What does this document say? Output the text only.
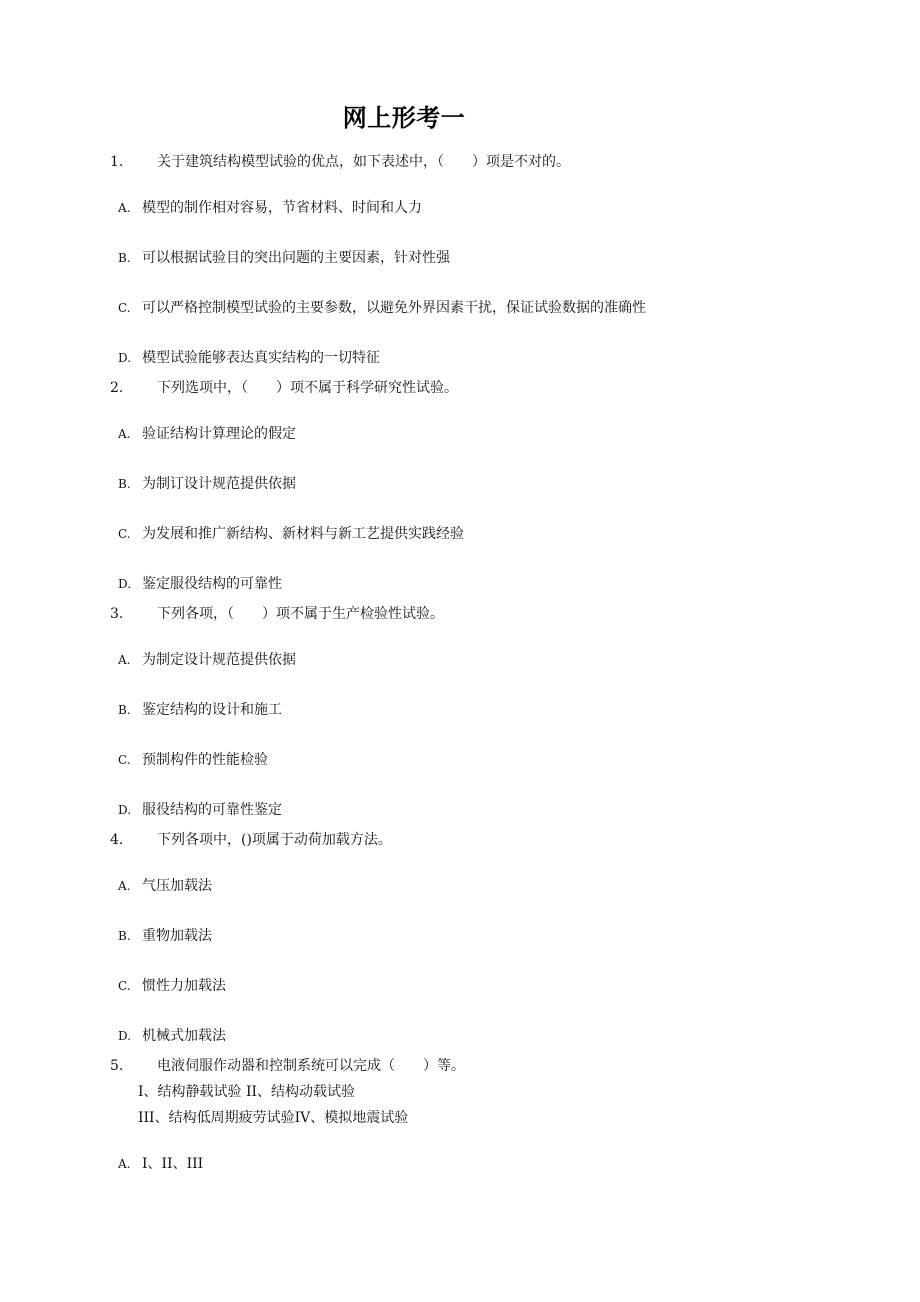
网上形考一
1. 关于建筑结构模型试验的优点，如下表述中，（　　）项是不对的。
A. 模型的制作相对容易，节省材料、时间和人力
B. 可以根据试验目的突出问题的主要因素，针对性强
C. 可以严格控制模型试验的主要参数，以避免外界因素干扰，保证试验数据的准确性
D. 模型试验能够表达真实结构的一切特征
2. 下列选项中，（　　）项不属于科学研究性试验。
A. 验证结构计算理论的假定
B. 为制订设计规范提供依据
C. 为发展和推广新结构、新材料与新工艺提供实践经验
D. 鉴定服役结构的可靠性
3. 下列各项，（　　）项不属于生产检验性试验。
A. 为制定设计规范提供依据
B. 鉴定结构的设计和施工
C. 预制构件的性能检验
D. 服役结构的可靠性鉴定
4. 下列各项中，()项属于动荷加载方法。
A. 气压加载法
B. 重物加载法
C. 惯性力加载法
D. 机械式加载法
5. 电液伺服作动器和控制系统可以完成（　　）等。
I、结构静载试验 II、结构动载试验
III、结构低周期疲劳试验IV、模拟地震试验
A. I、II、III
